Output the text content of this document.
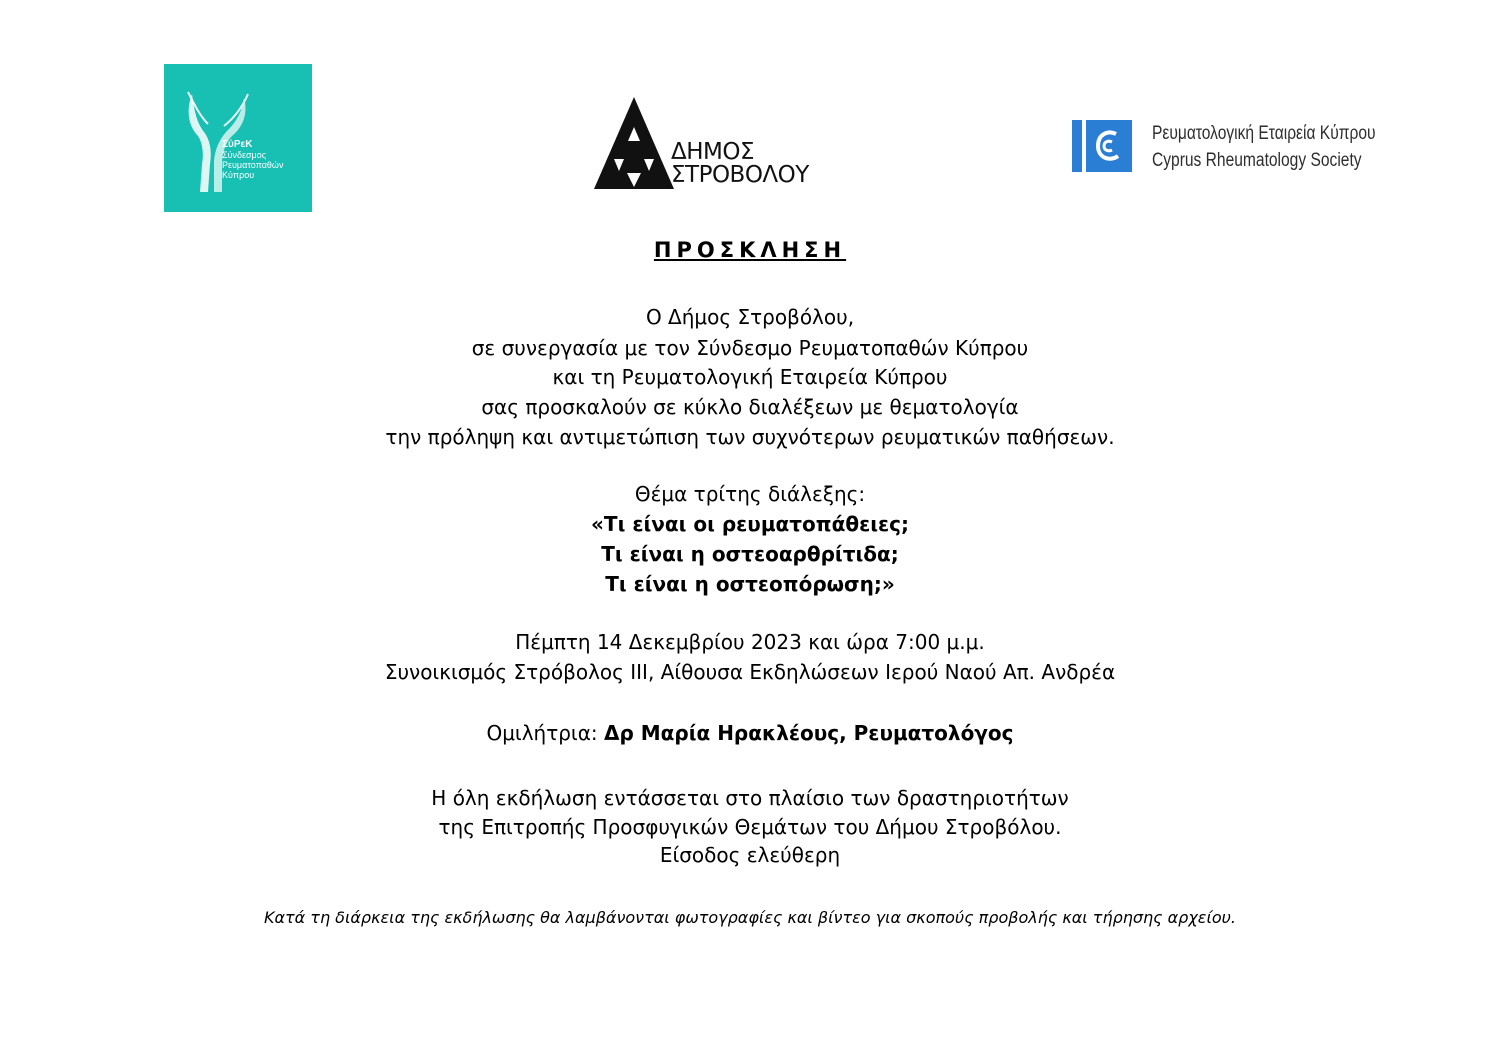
ΣύΡεΚ
Σύνδεσμος
Ρευματοπαθών
Κύπρου
ΔΗΜΟΣ
ΣΤΡΟΒΟΛΟΥ
Ρευματολογική Εταιρεία Κύπρου
Cyprus Rheumatology Society
ΠΡΟΣΚΛΗΣΗ
Ο Δήμος Στροβόλου,
σε συνεργασία με τον Σύνδεσμο Ρευματοπαθών Κύπρου
και τη Ρευματολογική Εταιρεία Κύπρου
σας προσκαλούν σε κύκλο διαλέξεων με θεματολογία
την πρόληψη και αντιμετώπιση των συχνότερων ρευματικών παθήσεων.
Θέμα τρίτης διάλεξης:
«Τι είναι οι ρευματοπάθειες;
Τι είναι η οστεοαρθρίτιδα;
Τι είναι η οστεοπόρωση;»
Πέμπτη 14 Δεκεμβρίου 2023 και ώρα 7:00 μ.μ.
Συνοικισμός Στρόβολος ΙΙΙ, Αίθουσα Εκδηλώσεων Ιερού Ναού Απ. Ανδρέα
Ομιλήτρια: Δρ Μαρία Ηρακλέους, Ρευματολόγος
Η όλη εκδήλωση εντάσσεται στο πλαίσιο των δραστηριοτήτων
της Επιτροπής Προσφυγικών Θεμάτων του Δήμου Στροβόλου.
Είσοδος ελεύθερη
Κατά τη διάρκεια της εκδήλωσης θα λαμβάνονται φωτογραφίες και βίντεο για σκοπούς προβολής και τήρησης αρχείου.
